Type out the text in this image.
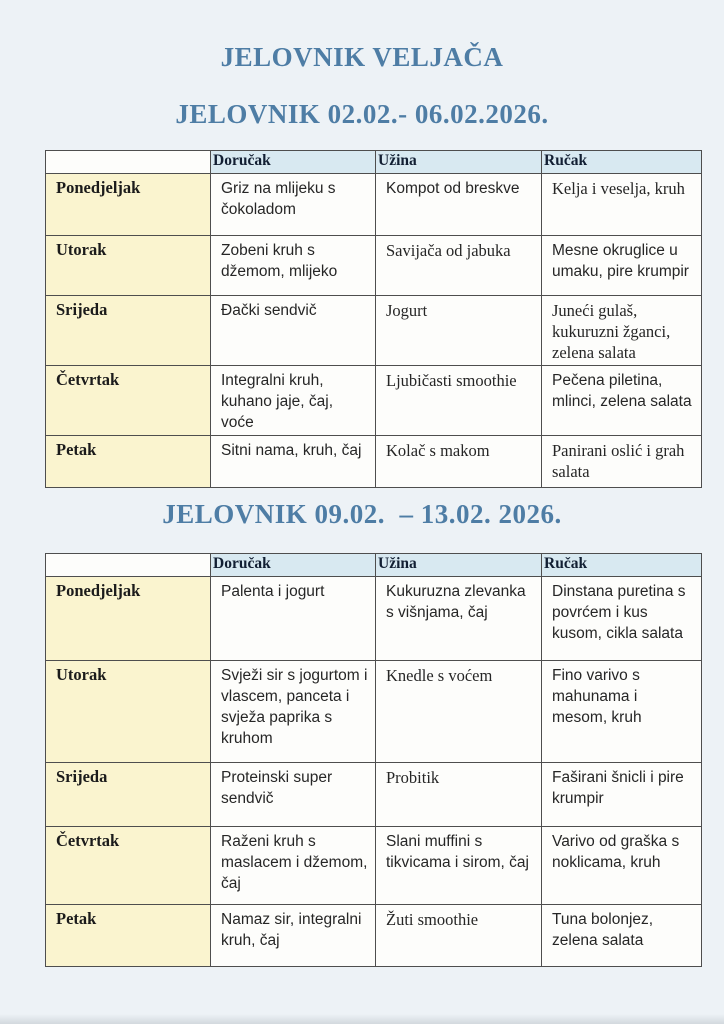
JELOVNIK VELJAČA
JELOVNIK 02.02.- 06.02.2026.
	Doručak	Užina	Ručak
Ponedjeljak	Griz na mlijeku s čokoladom	Kompot od breskve	Kelja i veselja, kruh
Utorak	Zobeni kruh s džemom, mlijeko	Savijača od jabuka	Mesne okruglice u umaku, pire krumpir
Srijeda	Đački sendvič	Jogurt	Juneći gulaš, kukuruzni žganci, zelena salata
Četvrtak	Integralni kruh, kuhano jaje, čaj, voće	Ljubičasti smoothie	Pečena piletina, mlinci, zelena salata
Petak	Sitni nama, kruh, čaj	Kolač s makom	Panirani oslić i grah salata
JELOVNIK 09.02.  – 13.02. 2026.
	Doručak	Užina	Ručak
Ponedjeljak	Palenta i jogurt	Kukuruzna zlevanka s višnjama, čaj	Dinstana puretina s povrćem i kus kusom, cikla salata
Utorak	Svježi sir s jogurtom i vlascem, panceta i svježa paprika s kruhom	Knedle s voćem	Fino varivo s mahunama i mesom, kruh
Srijeda	Proteinski super sendvič	Probitik	Faširani šnicli i pire krumpir
Četvrtak	Raženi kruh s maslacem i džemom, čaj	Slani muffini s tikvicama i sirom, čaj	Varivo od graška s noklicama, kruh
Petak	Namaz sir, integralni kruh, čaj	Žuti smoothie	Tuna bolonjez, zelena salata
